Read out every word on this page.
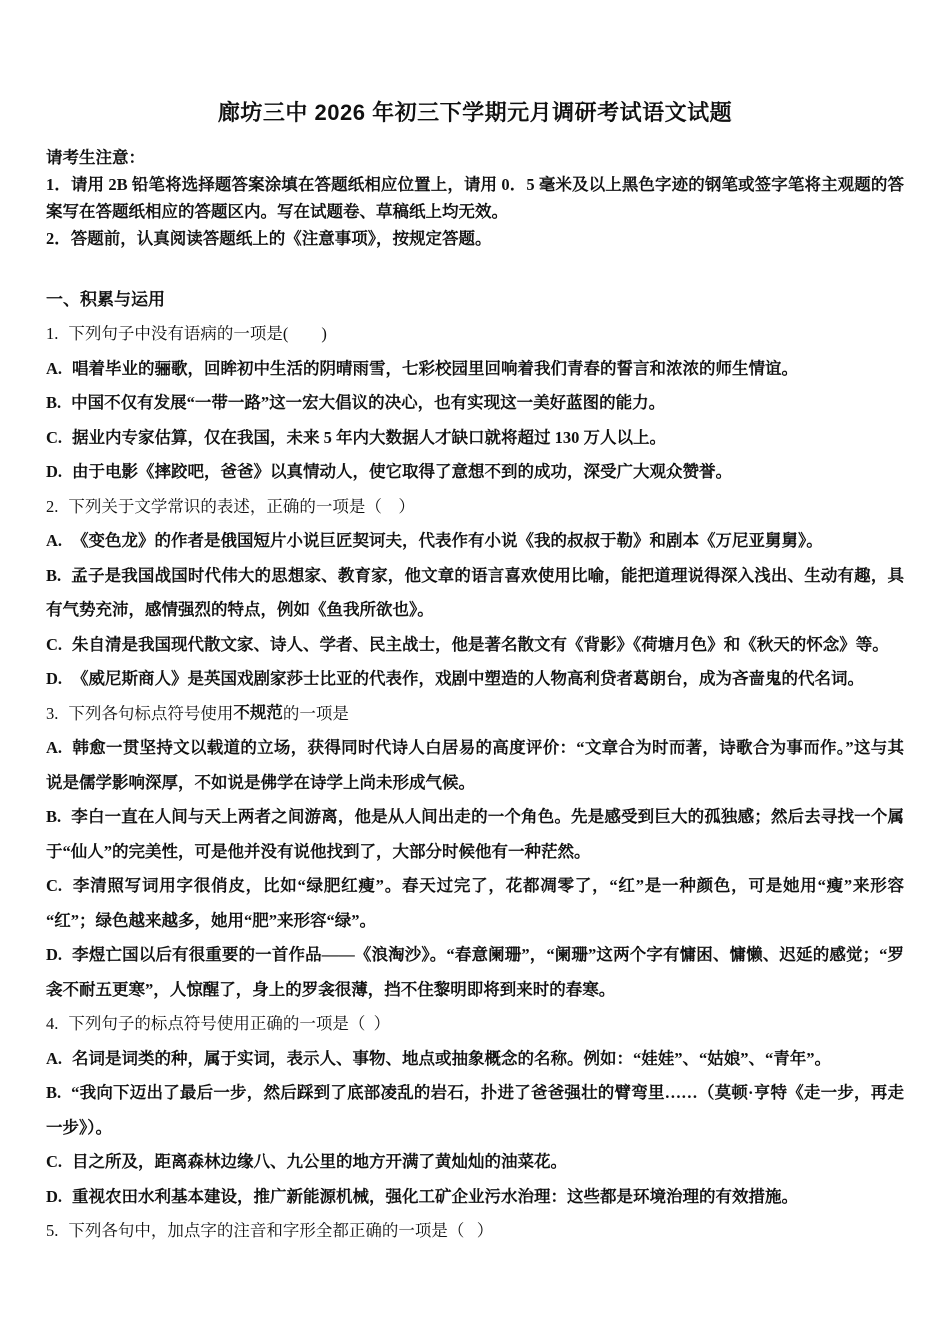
廊坊三中 2026 年初三下学期元月调研考试语文试题

请考生注意：

1．请用 2B 铅笔将选择题答案涂填在答题纸相应位置上，请用 0．5 毫米及以上黑色字迹的钢笔或签字笔将主观题的答案写在答题纸相应的答题区内。写在试题卷、草稿纸上均无效。

2．答题前，认真阅读答题纸上的《注意事项》，按规定答题。

一、积累与运用

1. 下列句子中没有语病的一项是(        )

A. 唱着毕业的骊歌，回眸初中生活的阴晴雨雪，七彩校园里回响着我们青春的誓言和浓浓的师生情谊。

B. 中国不仅有发展“一带一路”这一宏大倡议的决心，也有实现这一美好蓝图的能力。

C. 据业内专家估算，仅在我国，未来 5 年内大数据人才缺口就将超过 130 万人以上。

D. 由于电影《摔跤吧，爸爸》以真情动人，使它取得了意想不到的成功，深受广大观众赞誉。

2. 下列关于文学常识的表述，正确的一项是（    ）

A. 《变色龙》的作者是俄国短片小说巨匠契诃夫，代表作有小说《我的叔叔于勒》和剧本《万尼亚舅舅》。

B. 孟子是我国战国时代伟大的思想家、教育家，他文章的语言喜欢使用比喻，能把道理说得深入浅出、生动有趣，具有气势充沛，感情强烈的特点，例如《鱼我所欲也》。

C. 朱自清是我国现代散文家、诗人、学者、民主战士，他是著名散文有《背影》《荷塘月色》和《秋天的怀念》等。

D. 《威尼斯商人》是英国戏剧家莎士比亚的代表作，戏剧中塑造的人物高利贷者葛朗台，成为吝啬鬼的代名词。

3. 下列各句标点符号使用不规范的一项是

A. 韩愈一贯坚持文以载道的立场，获得同时代诗人白居易的高度评价：“文章合为时而著，诗歌合为事而作。”这与其说是儒学影响深厚，不如说是佛学在诗学上尚未形成气候。

B. 李白一直在人间与天上两者之间游离，他是从人间出走的一个角色。先是感受到巨大的孤独感；然后去寻找一个属于“仙人”的完美性，可是他并没有说他找到了，大部分时候他有一种茫然。

C. 李清照写词用字很俏皮，比如“绿肥红瘦”。春天过完了，花都凋零了，“红”是一种颜色，可是她用“瘦”来形容“红”；绿色越来越多，她用“肥”来形容“绿”。

D. 李煜亡国以后有很重要的一首作品——《浪淘沙》。“春意阑珊”，“阑珊”这两个字有慵困、慵懒、迟延的感觉；“罗衾不耐五更寒”，人惊醒了，身上的罗衾很薄，挡不住黎明即将到来时的春寒。

4. 下列句子的标点符号使用正确的一项是（  ）

A. 名词是词类的种，属于实词，表示人、事物、地点或抽象概念的名称。例如：“娃娃”、“姑娘”、“青年”。

B. “我向下迈出了最后一步，然后踩到了底部凌乱的岩石，扑进了爸爸强壮的臂弯里……（莫顿·亨特《走一步，再走一步》）。

C. 目之所及，距离森林边缘八、九公里的地方开满了黄灿灿的油菜花。

D. 重视农田水利基本建设，推广新能源机械，强化工矿企业污水治理：这些都是环境治理的有效措施。

5. 下列各句中，加点字的注音和字形全都正确的一项是（   ）
